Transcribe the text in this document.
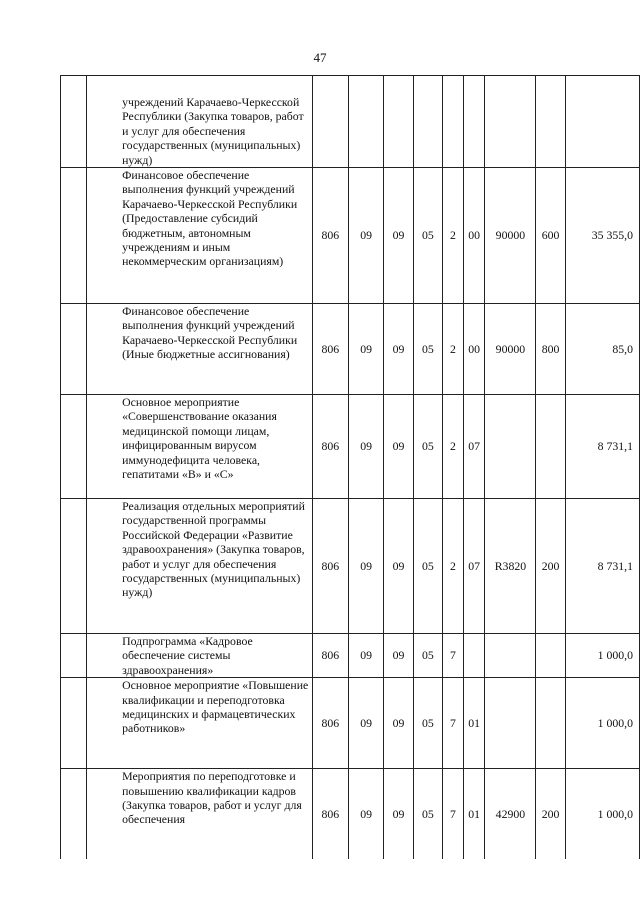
47
	учреждений Карачаево-Черкесской Республики (Закупка товаров, работ и услуг для обеспечения государственных (муниципальных) нужд)									
	Финансовое обеспечение выполнения функций учреждений Карачаево-Черкесской Республики (Предоставление субсидий бюджетным, автономным учреждениям и иным некоммерческим организациям)	806	09	09	05	2	00	90000	600	35 355,0
	Финансовое обеспечение выполнения функций учреждений Карачаево-Черкесской Республики (Иные бюджетные ассигнования)	806	09	09	05	2	00	90000	800	85,0
	Основное мероприятие «Совершенствование оказания медицинской помощи лицам, инфицированным вирусом иммунодефицита человека, гепатитами «В» и «С»	806	09	09	05	2	07			8 731,1
	Реализация отдельных мероприятий государственной программы Российской Федерации «Развитие здравоохранения» (Закупка товаров, работ и услуг для обеспечения государственных (муниципальных) нужд)	806	09	09	05	2	07	R3820	200	8 731,1
	Подпрограмма «Кадровое обеспечение системы здравоохранения»	806	09	09	05	7				1 000,0
	Основное мероприятие «Повышение квалификации и переподготовка медицинских и фармацевтических работников»	806	09	09	05	7	01			1 000,0
	Мероприятия по переподготовке и повышению квалификации кадров (Закупка товаров, работ и услуг для обеспечения	806	09	09	05	7	01	42900	200	1 000,0
